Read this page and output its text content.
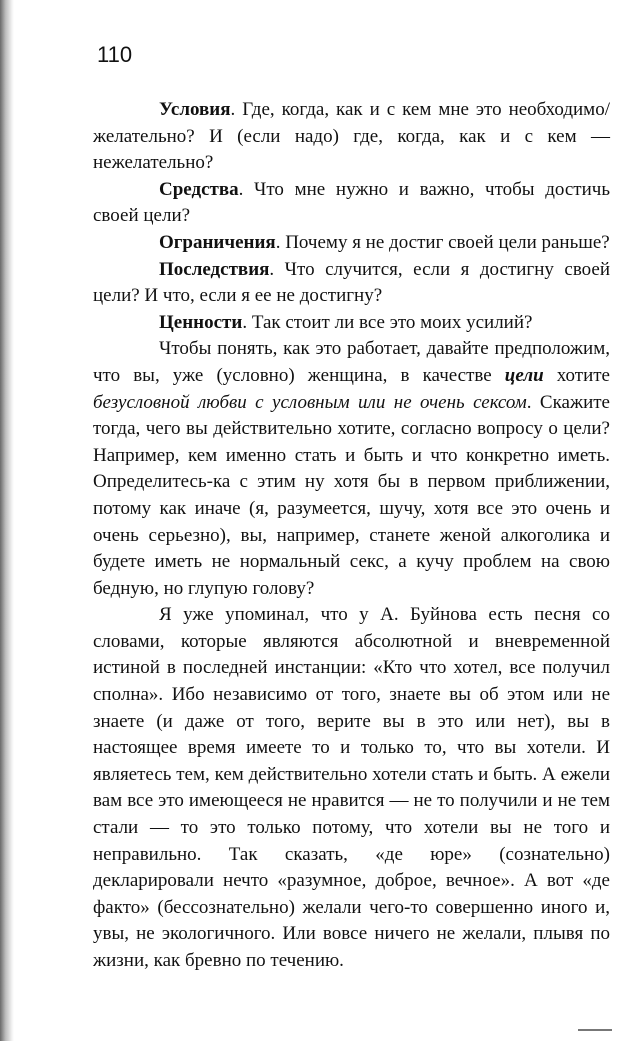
110

Условия. Где, когда, как и с кем мне это необходимо/желательно? И (если надо) где, когда, как и с кем — нежелательно?

Средства. Что мне нужно и важно, чтобы достичь своей цели?

Ограничения. Почему я не достиг своей цели раньше?

Последствия. Что случится, если я достигну своей цели? И что, если я ее не достигну?

Ценности. Так стоит ли все это моих усилий?

Чтобы понять, как это работает, давайте предположим, что вы, уже (условно) женщина, в качестве цели хотите безусловной любви с условным или не очень сексом. Скажите тогда, чего вы действительно хотите, согласно вопросу о цели? Например, кем именно стать и быть и что конкретно иметь. Определитесь-ка с этим ну хотя бы в первом приближении, потому как иначе (я, разумеется, шучу, хотя все это очень и очень серьезно), вы, например, станете женой алкоголика и будете иметь не нормальный секс, а кучу проблем на свою бедную, но глупую голову?

Я уже упоминал, что у А. Буйнова есть песня со словами, которые являются абсолютной и вневременной истиной в последней инстанции: «Кто что хотел, все получил сполна». Ибо независимо от того, знаете вы об этом или не знаете (и даже от того, верите вы в это или нет), вы в настоящее время имеете то и только то, что вы хотели. И являетесь тем, кем действительно хотели стать и быть. А ежели вам все это имеющееся не нравится — не то получили и не тем стали — то это только потому, что хотели вы не того и неправильно. Так сказать, «де юре» (сознательно) декларировали нечто «разумное, доброе, вечное». А вот «де факто» (бессознательно) желали чего-то совершенно иного и, увы, не экологичного. Или вовсе ничего не желали, плывя по жизни, как бревно по течению.
